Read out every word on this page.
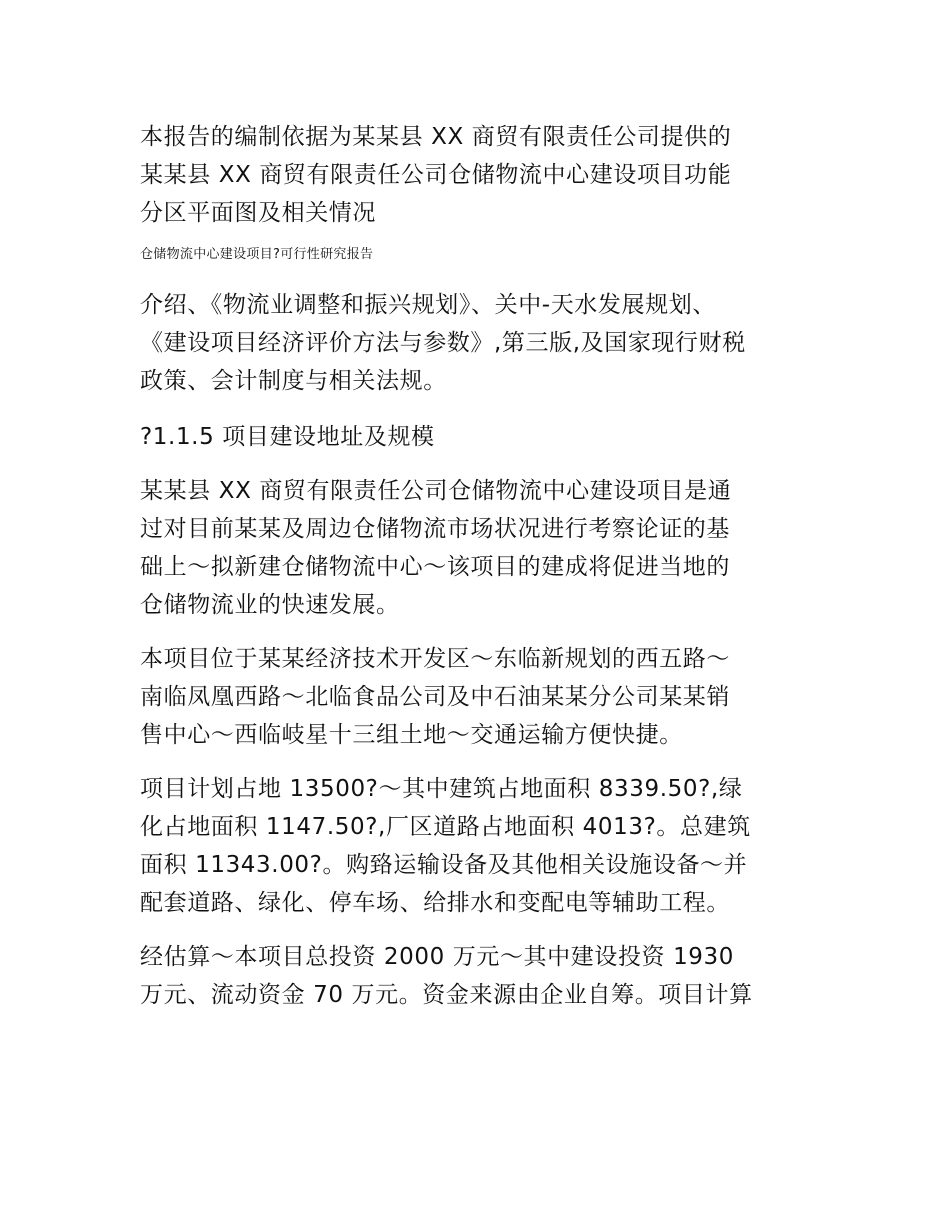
本报告的编制依据为某某县 XX 商贸有限责任公司提供的
某某县 XX 商贸有限责任公司仓储物流中心建设项目功能
分区平面图及相关情况

仓储物流中心建设项目?可行性研究报告

介绍、《物流业调整和振兴规划》、关中-天水发展规划、
《建设项目经济评价方法与参数》,第三版,及国家现行财税
政策、会计制度与相关法规。

?1.1.5 项目建设地址及规模

某某县 XX 商贸有限责任公司仓储物流中心建设项目是通
过对目前某某及周边仓储物流市场状况进行考察论证的基
础上～拟新建仓储物流中心～该项目的建成将促进当地的
仓储物流业的快速发展。

本项目位于某某经济技术开发区～东临新规划的西五路～
南临凤凰西路～北临食品公司及中石油某某分公司某某销
售中心～西临岐星十三组土地～交通运输方便快捷。

项目计划占地 13500?～其中建筑占地面积 8339.50?,绿
化占地面积 1147.50?,厂区道路占地面积 4013?。总建筑
面积 11343.00?。购臵运输设备及其他相关设施设备～并
配套道路、绿化、停车场、给排水和变配电等辅助工程。

经估算～本项目总投资 2000 万元～其中建设投资 1930
万元、流动资金 70 万元。资金来源由企业自筹。项目计算
